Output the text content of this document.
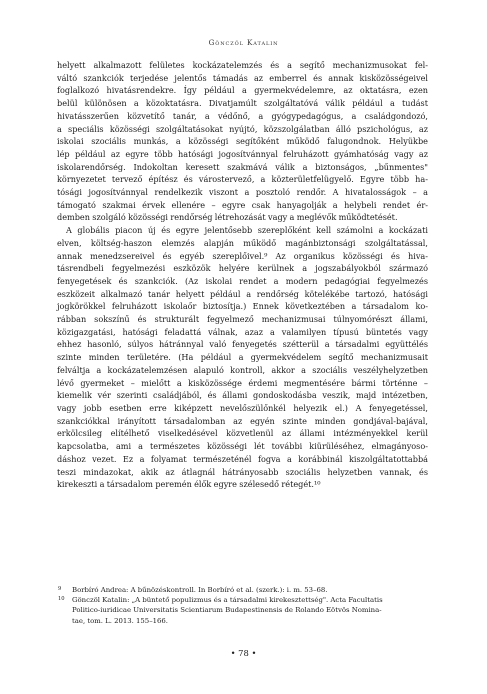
Gönczöl Katalin
helyett alkalmazott felületes kockázatelemzés és a segítő mechanizmusokat fel-
váltó szankciók terjedése jelentős támadás az emberrel és annak kisközösségeivel
foglalkozó hivatásrendekre. Így például a gyermekvédelemre, az oktatásra, ezen
belül különösen a közoktatásra. Divatjamúlt szolgáltatóvá válik például a tudást
hivatásszerűen közvetítő tanár, a védőnő, a gyógypedagógus, a családgondozó,
a speciális közösségi szolgáltatásokat nyújtó, közszolgálatban álló pszichológus, az
iskolai szociális munkás, a közösségi segítőként működő falugondnok. Helyükbe
lép például az egyre több hatósági jogosítvánnyal felruházott gyámhatóság vagy az
iskolarendőrség. Indokoltan keresett szakmává válik a biztonságos, „bűnmentes"
környezetet tervező építész és várostervező, a közterületfelügyelő. Egyre több ha-
tósági jogosítvánnyal rendelkezik viszont a posztoló rendőr. A hivatalosságok – a
támogató szakmai érvek ellenére – egyre csak hanyagolják a helybeli rendet ér-
demben szolgáló közösségi rendőrség létrehozását vagy a meglévők működtetését.
A globális piacon új és egyre jelentősebb szereplőként kell számolni a kockázati
elven, költség-haszon elemzés alapján működő magánbiztonsági szolgáltatással,
annak menedzsereivel és egyéb szereplőivel.⁹ Az organikus közösségi és hiva-
tásrendbeli fegyelmezési eszközök helyére kerülnek a jogszabályokból származó
fenyegetések és szankciók. (Az iskolai rendet a modern pedagógiai fegyelmezés
eszközeit alkalmazó tanár helyett például a rendőrség kötelékébe tartozó, hatósági
jogkörökkel felruházott iskolaőr biztosítja.) Ennek következtében a társadalom ko-
rábban sokszínű és strukturált fegyelmező mechanizmusai túlnyomórészt állami,
közigazgatási, hatósági feladattá válnak, azaz a valamilyen típusú büntetés vagy
ehhez hasonló, súlyos hátránnyal való fenyegetés szétterül a társadalmi együttélés
szinte minden területére. (Ha például a gyermekvédelem segítő mechanizmusait
felváltja a kockázatelemzésen alapuló kontroll, akkor a szociális veszélyhelyzetben
lévő gyermeket – mielőtt a kisközössége érdemi megmentésére bármi történne –
kiemelik vér szerinti családjából, és állami gondoskodásba veszik, majd intézetben,
vagy jobb esetben erre kiképzett nevelőszülőnkél helyezik el.) A fenyegetéssel,
szankciókkal irányított társadalomban az egyén szinte minden gondjával-bajával,
erkölcsileg elítélhető viselkedésével közvetlenül az állami intézményekkel kerül
kapcsolatba, ami a természetes közösségi lét további kiürüléséhez, elmagányoso-
dáshoz vezet. Ez a folyamat természeténél fogva a korábbinál kiszolgáltatottabbá
teszi mindazokat, akik az átlagnál hátrányosabb szociális helyzetben vannak, és
kirekeszti a társadalom peremén élők egyre szélesedő rétegét.¹⁰
9	Borbíró Andrea: A bűnözéskontroll. In Borbíró et al. (szerk.): i. m. 53–68.
10	Gönczöl Katalin: „A büntető populizmus és a társadalmi kirekesztettség". Acta Facultatis
Politico-iuridicae Universitatis Scientiarum Budapestinensis de Rolando Eötvös Nomina-
tae, tom. L. 2013. 155–166.
• 78 •
